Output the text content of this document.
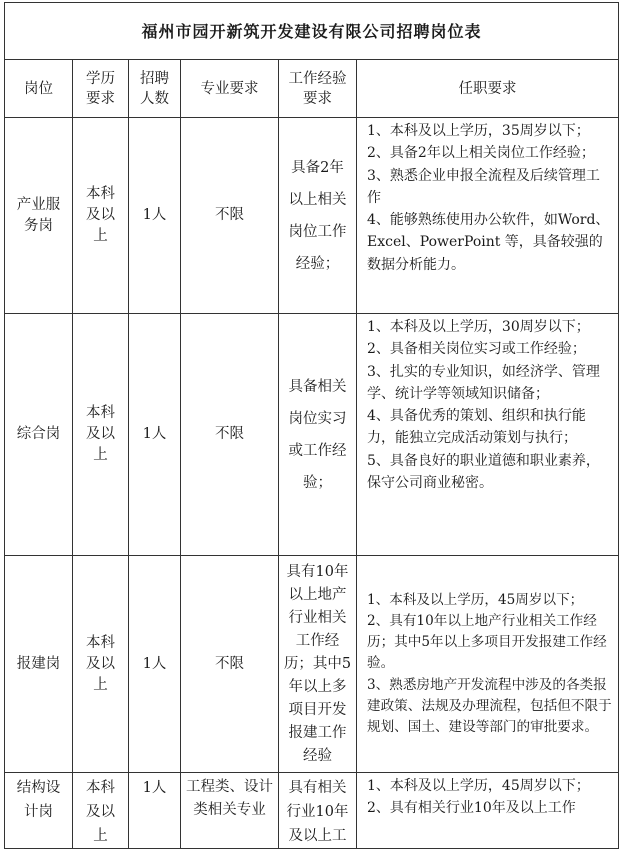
福州市园开新筑开发建设有限公司招聘岗位表					
岗位	学历要求	招聘人数	专业要求	工作经验要求	任职要求
产业服务岗	本科及以上	1人	不限	具备2年以上相关岗位工作经验；	1、本科及以上学历，35周岁以下；
2、具备2年以上相关岗位工作经验；
3、熟悉企业申报全流程及后续管理工作
4、能够熟练使用办公软件，如Word、Excel、PowerPoint 等，具备较强的数据分析能力。

综合岗	本科及以上	1人	不限	具备相关岗位实习或工作经验；	1、本科及以上学历，30周岁以下；
2、具备相关岗位实习或工作经验；
3、扎实的专业知识，如经济学、管理学、统计学等领域知识储备；
4、具备优秀的策划、组织和执行能力，能独立完成活动策划与执行；
5、具备良好的职业道德和职业素养，保守公司商业秘密。

报建岗	本科及以上	1人	不限	具有10年以上地产行业相关工作经历；其中5年以上多项目开发报建工作经验	1、本科及以上学历，45周岁以下；
2、具有10年以上地产行业相关工作经历；其中5年以上多项目开发报建工作经验。
3、熟悉房地产开发流程中涉及的各类报建政策、法规及办理流程，包括但不限于规划、国土、建设等部门的审批要求。

结构设计岗	本科及以上	1人	工程类、设计类相关专业	具有相关行业10年及以上工	1、本科及以上学历，45周岁以下；
2、具有相关行业10年及以上工作
